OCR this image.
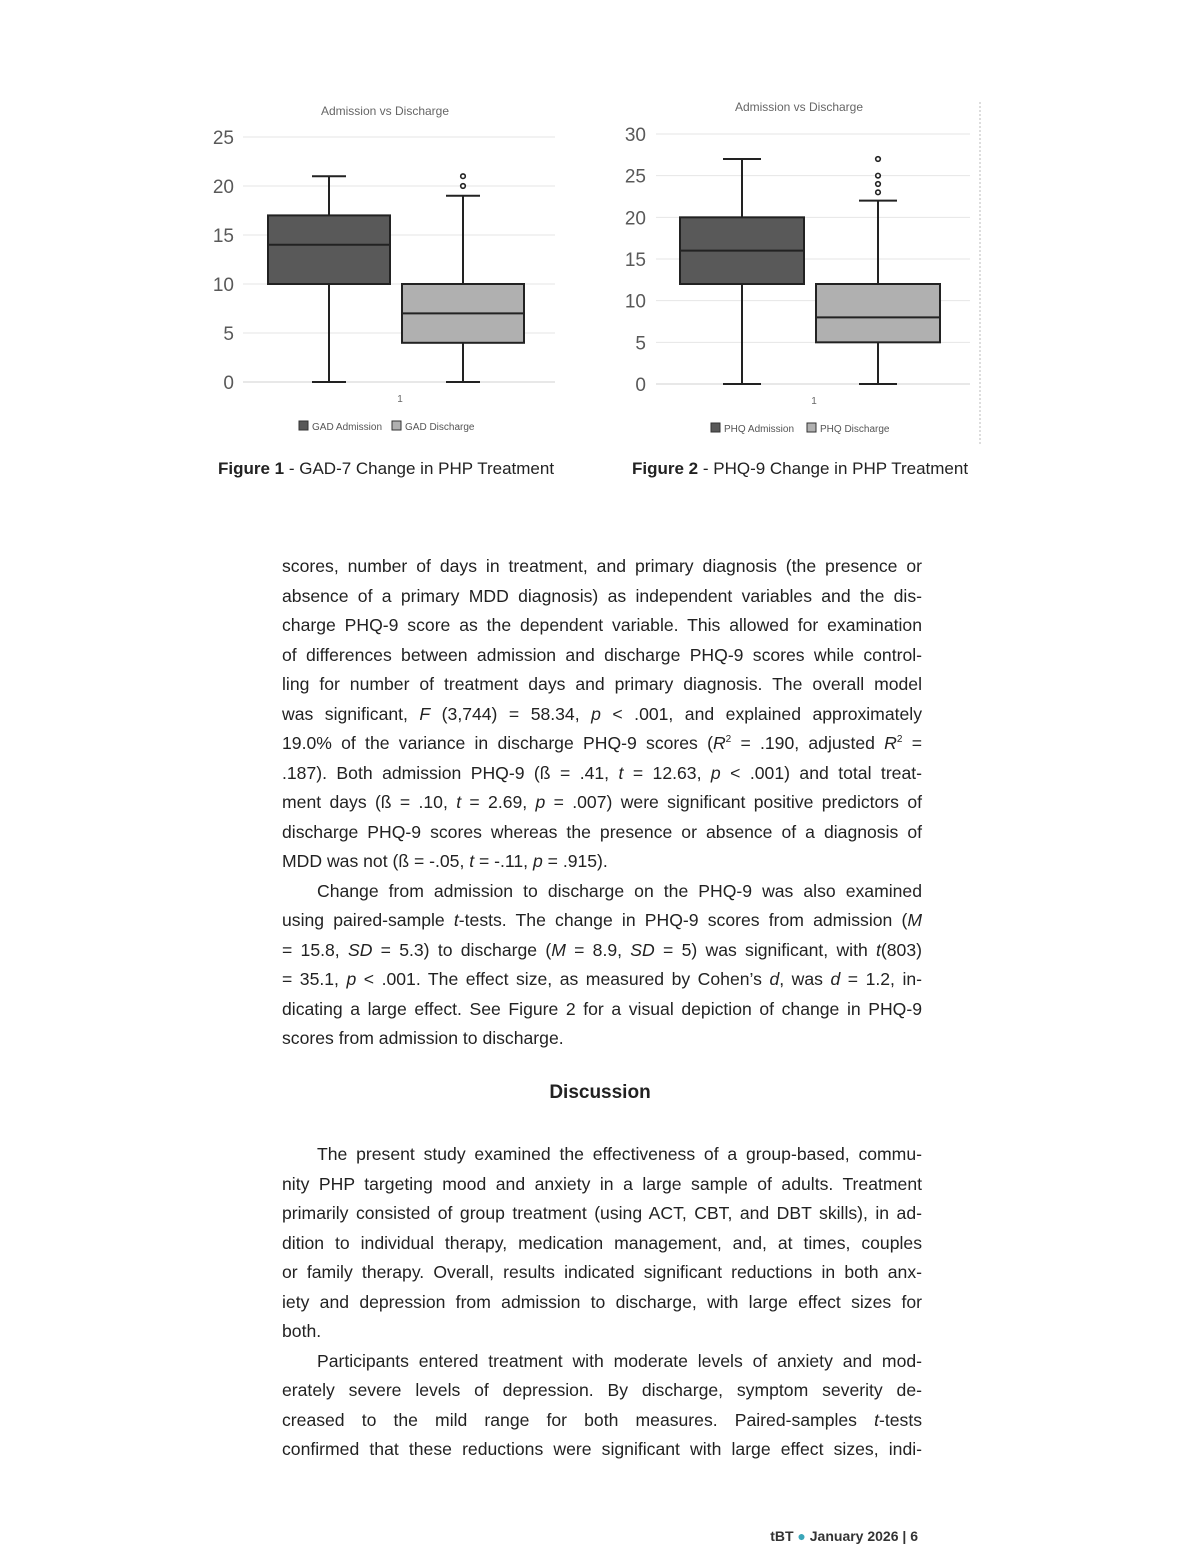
Admission vs Discharge
0
5
10
15
20
25
1
GAD Admission GAD Discharge
Admission vs Discharge
0
5
10
15
20
25
30
1
PHQ Admission	PHQ Discharge
Figure 1 - GAD-7 Change in PHP Treatment	Figure 2 - PHQ-9 Change in PHP Treatment
scores, number of days in treatment, and primary diagnosis (the presence or
absence of a primary MDD diagnosis) as independent variables and the dis-
charge PHQ-9 score as the dependent variable. This allowed for examination
of differences between admission and discharge PHQ-9 scores while control-
ling for number of treatment days and primary diagnosis. The overall model
was significant, F (3,744) = 58.34, p < .001, and explained approximately
19.0% of the variance in discharge PHQ-9 scores ($R^2 = .190$, adjusted $R^2$ =
.187). Both admission PHQ-9 (ß = .41, t = 12.63, p < .001) and total treat-
ment days (ß = .10, t = 2.69, p = .007) were significant positive predictors of
discharge PHQ-9 scores whereas the presence or absence of a diagnosis of
MDD was not (ß = -.05, t = -.11, p = .915).
Change from admission to discharge on the PHQ-9 was also examined
using paired-sample t-tests. The change in PHQ-9 scores from admission (M
= 15.8, SD = 5.3) to discharge (M = 8.9, SD = 5) was significant, with t(803)
= 35.1, p < .001. The effect size, as measured by Cohen’s d, was d = 1.2, in-
dicating a large effect. See Figure 2 for a visual depiction of change in PHQ-9
scores from admission to discharge.
Discussion
The present study examined the effectiveness of a group-based, commu-
nity PHP targeting mood and anxiety in a large sample of adults. Treatment
primarily consisted of group treatment (using ACT, CBT, and DBT skills), in ad-
dition to individual therapy, medication management, and, at times, couples
or family therapy. Overall, results indicated significant reductions in both anx-
iety and depression from admission to discharge, with large effect sizes for
both.
Participants entered treatment with moderate levels of anxiety and mod-
erately severe levels of depression. By discharge, symptom severity de-
creased to the mild range for both measures. Paired-samples t-tests
confirmed that these reductions were significant with large effect sizes, indi-
tBT ● January 2026 | 6
